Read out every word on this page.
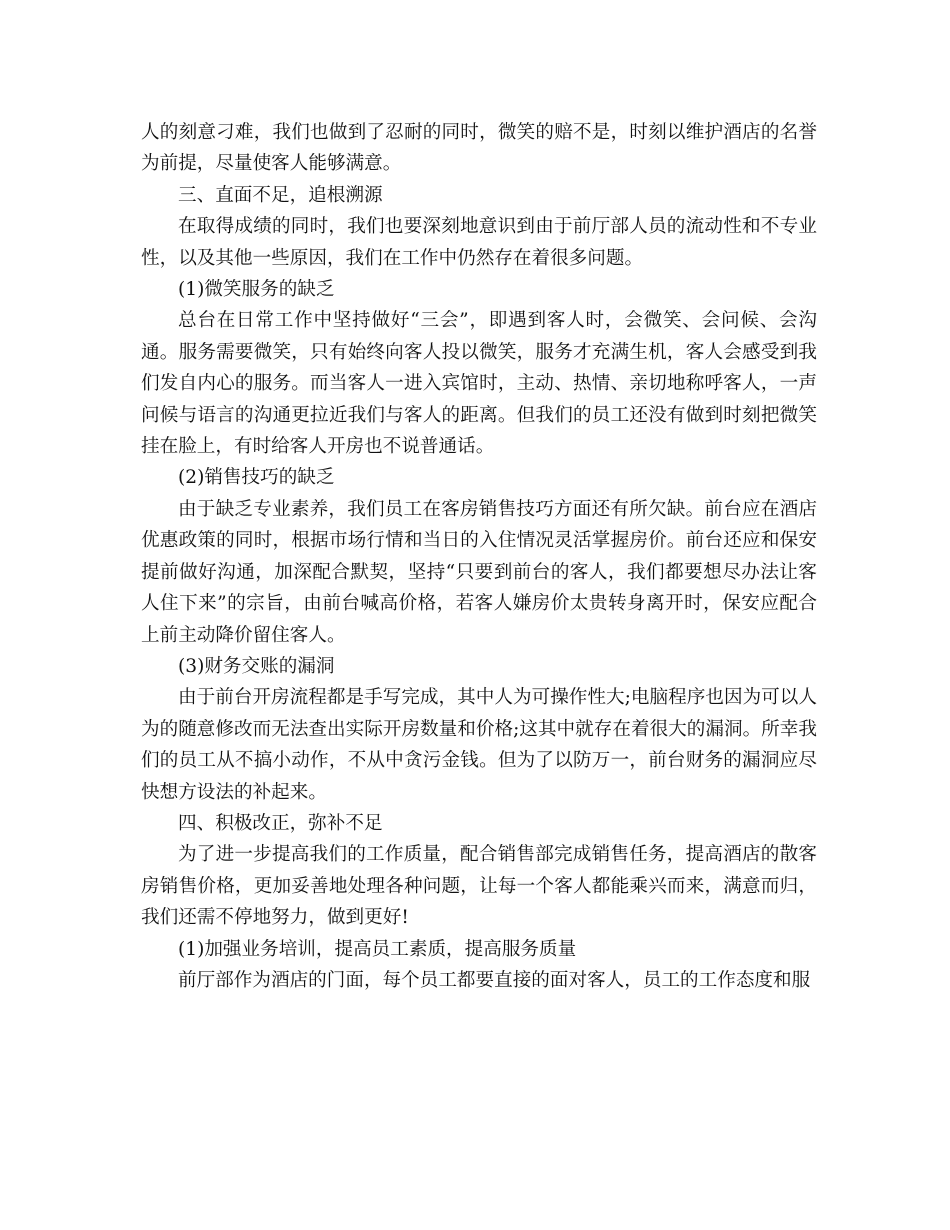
人的刻意刁难，我们也做到了忍耐的同时，微笑的赔不是，时刻以维护酒店的名誉为前提，尽量使客人能够满意。

三、直面不足，追根溯源

在取得成绩的同时，我们也要深刻地意识到由于前厅部人员的流动性和不专业性，以及其他一些原因，我们在工作中仍然存在着很多问题。

(1)微笑服务的缺乏

总台在日常工作中坚持做好“三会”，即遇到客人时，会微笑、会问候、会沟通。服务需要微笑，只有始终向客人投以微笑，服务才充满生机，客人会感受到我们发自内心的服务。而当客人一进入宾馆时，主动、热情、亲切地称呼客人，一声问候与语言的沟通更拉近我们与客人的距离。但我们的员工还没有做到时刻把微笑挂在脸上，有时给客人开房也不说普通话。

(2)销售技巧的缺乏

由于缺乏专业素养，我们员工在客房销售技巧方面还有所欠缺。前台应在酒店优惠政策的同时，根据市场行情和当日的入住情况灵活掌握房价。前台还应和保安提前做好沟通，加深配合默契，坚持“只要到前台的客人，我们都要想尽办法让客人住下来”的宗旨，由前台喊高价格，若客人嫌房价太贵转身离开时，保安应配合上前主动降价留住客人。

(3)财务交账的漏洞

由于前台开房流程都是手写完成，其中人为可操作性大;电脑程序也因为可以人为的随意修改而无法查出实际开房数量和价格;这其中就存在着很大的漏洞。所幸我们的员工从不搞小动作，不从中贪污金钱。但为了以防万一，前台财务的漏洞应尽快想方设法的补起来。

四、积极改正，弥补不足

为了进一步提高我们的工作质量，配合销售部完成销售任务，提高酒店的散客房销售价格，更加妥善地处理各种问题，让每一个客人都能乘兴而来，满意而归，我们还需不停地努力，做到更好!

(1)加强业务培训，提高员工素质，提高服务质量

前厅部作为酒店的门面，每个员工都要直接的面对客人，员工的工作态度和服
